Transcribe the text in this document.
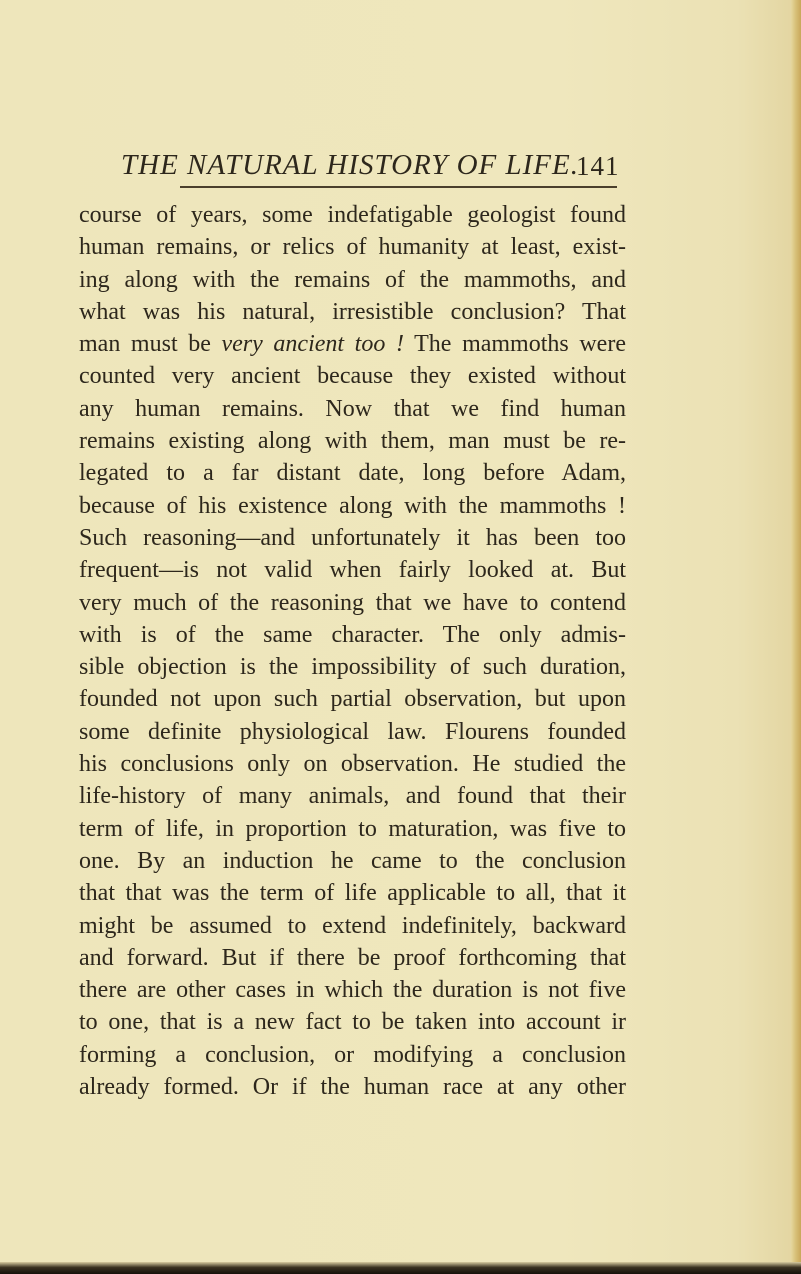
THE NATURAL HISTORY OF LIFE.
141
course of years, some indefatigable geologist found
human remains, or relics of humanity at least, exist-
ing along with the remains of the mammoths, and
what was his natural, irresistible conclusion? That
man must be very ancient too ! The mammoths were
counted very ancient because they existed without
any human remains. Now that we find human
remains existing along with them, man must be re-
legated to a far distant date, long before Adam,
because of his existence along with the mammoths !
Such reasoning—and unfortunately it has been too
frequent—is not valid when fairly looked at. But
very much of the reasoning that we have to contend
with is of the same character. The only admis-
sible objection is the impossibility of such duration,
founded not upon such partial observation, but upon
some definite physiological law. Flourens founded
his conclusions only on observation. He studied the
life-history of many animals, and found that their
term of life, in proportion to maturation, was five to
one. By an induction he came to the conclusion
that that was the term of life applicable to all, that it
might be assumed to extend indefinitely, backward
and forward. But if there be proof forthcoming that
there are other cases in which the duration is not five
to one, that is a new fact to be taken into account ir
forming a conclusion, or modifying a conclusion
already formed. Or if the human race at any other
